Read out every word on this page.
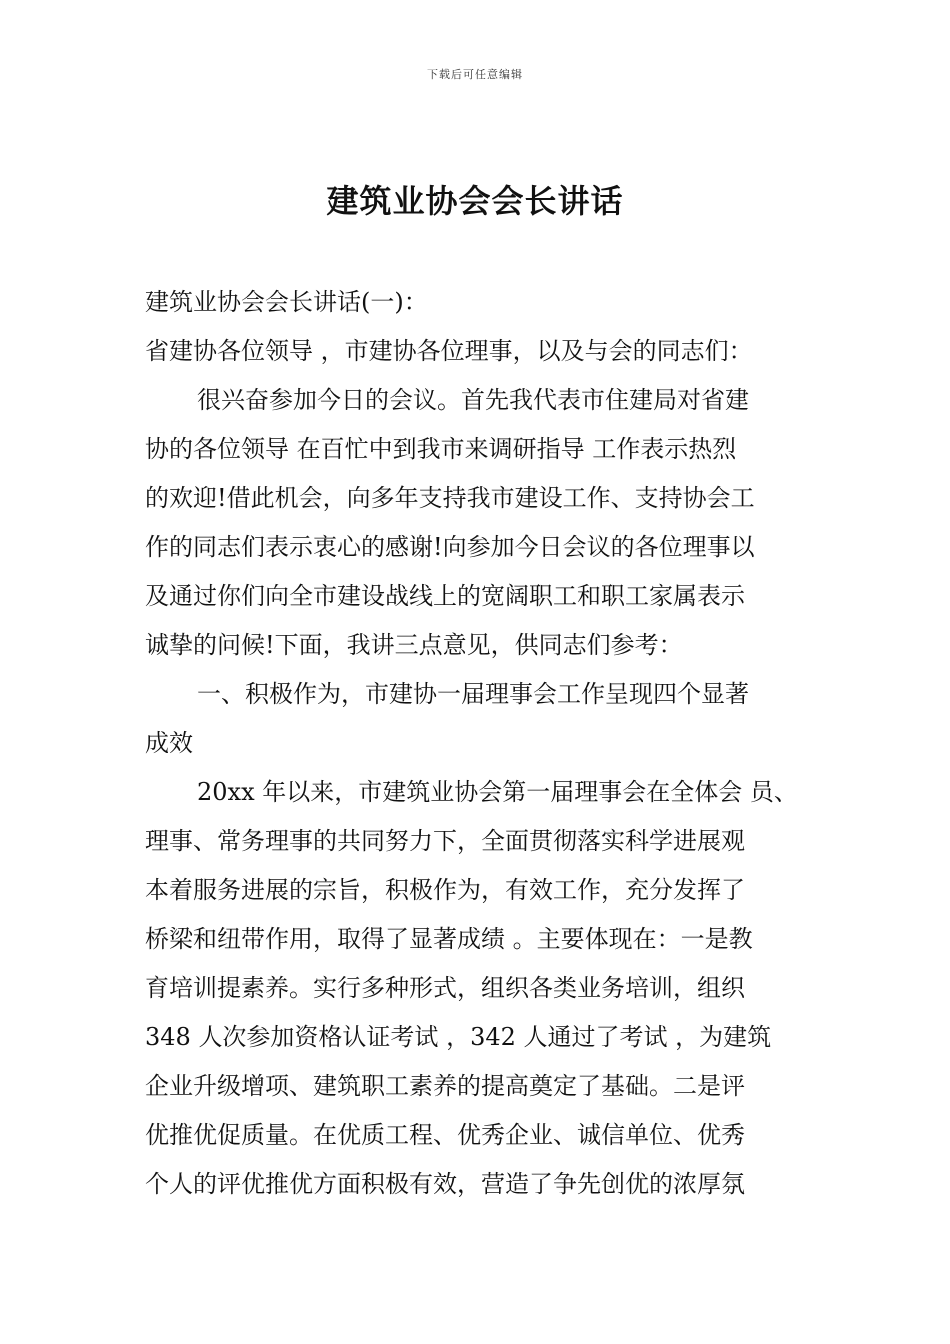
下载后可任意编辑
建筑业协会会长讲话

建筑业协会会长讲话(一)：

省建协各位领导 ，市建协各位理事，以及与会的同志们：

很兴奋参加今日的会议。首先我代表市住建局对省建

协的各位领导 在百忙中到我市来调研指导 工作表示热烈

的欢迎!借此机会，向多年支持我市建设工作、支持协会工

作的同志们表示衷心的感谢!向参加今日会议的各位理事以

及通过你们向全市建设战线上的宽阔职工和职工家属表示

诚挚的问候!下面，我讲三点意见，供同志们参考：

一、积极作为，市建协一届理事会工作呈现四个显著

成效

20xx 年以来，市建筑业协会第一届理事会在全体会 员、

理事、常务理事的共同努力下，全面贯彻落实科学进展观

本着服务进展的宗旨，积极作为，有效工作，充分发挥了

桥梁和纽带作用，取得了显著成绩 。主要体现在：一是教

育培训提素养。实行多种形式，组织各类业务培训，组织

348 人次参加资格认证考试 ，342 人通过了考试 ，为建筑

企业升级增项、建筑职工素养的提高奠定了基础。二是评

优推优促质量。在优质工程、优秀企业、诚信单位、优秀

个人的评优推优方面积极有效，营造了争先创优的浓厚氛
